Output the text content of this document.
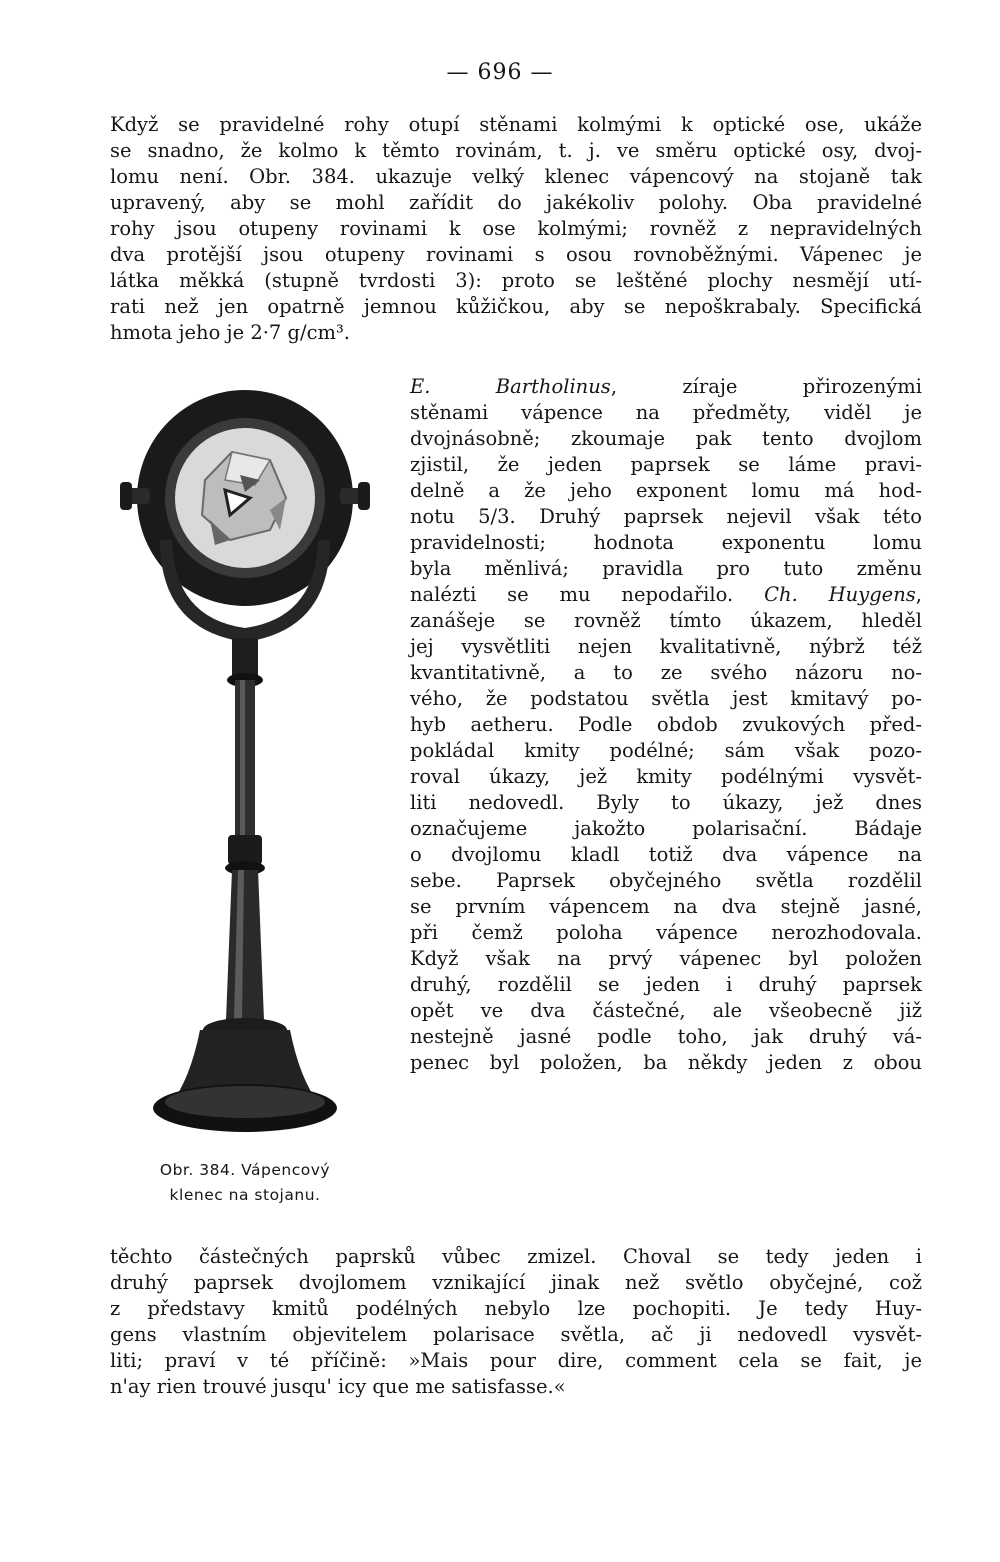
— 696 —

Když se pravidelné rohy otupí stěnami kolmými k optické ose, ukáže

se snadno, že kolmo k těmto rovinám, t. j. ve směru optické osy, dvoj-

lomu není. Obr. 384. ukazuje velký klenec vápencový na stojaně tak

upravený, aby se mohl zařídit do jakékoliv polohy. Oba pravidelné

rohy jsou otupeny rovinami k ose kolmými; rovněž z nepravidelných

dva protější jsou otupeny rovinami s osou rovnoběžnými. Vápenec je

látka měkká (stupně tvrdosti 3): proto se leštěné plochy nesmějí utí-

rati než jen opatrně jemnou kůžičkou, aby se nepoškrabaly. Specifická

hmota jeho je 2·7 g/cm³.

E. Bartholinus, zíraje přirozenými

stěnami vápence na předměty, viděl je

dvojnásobně; zkoumaje pak tento dvojlom

zjistil, že jeden paprsek se láme pravi-

delně a že jeho exponent lomu má hod-

notu 5/3. Druhý paprsek nejevil však této

pravidelnosti; hodnota exponentu lomu

byla měnlivá; pravidla pro tuto změnu

nalézti se mu nepodařilo. Ch. Huygens,

zanášeje se rovněž tímto úkazem, hleděl

jej vysvětliti nejen kvalitativně, nýbrž též

kvantitativně, a to ze svého názoru no-

vého, že podstatou světla jest kmitavý po-

hyb aetheru. Podle obdob zvukových před-

pokládal kmity podélné; sám však pozo-

roval úkazy, jež kmity podélnými vysvět-

liti nedovedl. Byly to úkazy, jež dnes

označujeme jakožto polarisační. Bádaje

o dvojlomu kladl totiž dva vápence na

sebe. Paprsek obyčejného světla rozdělil

se prvním vápencem na dva stejně jasné,

při čemž poloha vápence nerozhodovala.

Když však na prvý vápenec byl položen

druhý, rozdělil se jeden i druhý paprsek

opět ve dva částečné, ale všeobecně již

nestejně jasné podle toho, jak druhý vá-

penec byl položen, ba někdy jeden z obou

Obr. 384. Vápencový
klenec na stojanu.

těchto částečných paprsků vůbec zmizel. Choval se tedy jeden i

druhý paprsek dvojlomem vznikající jinak než světlo obyčejné, což

z představy kmitů podélných nebylo lze pochopiti. Je tedy Huy-

gens vlastním objevitelem polarisace světla, ač ji nedovedl vysvět-

liti; praví v té příčině: »Mais pour dire, comment cela se fait, je

n'ay rien trouvé jusqu' icy que me satisfasse.«
